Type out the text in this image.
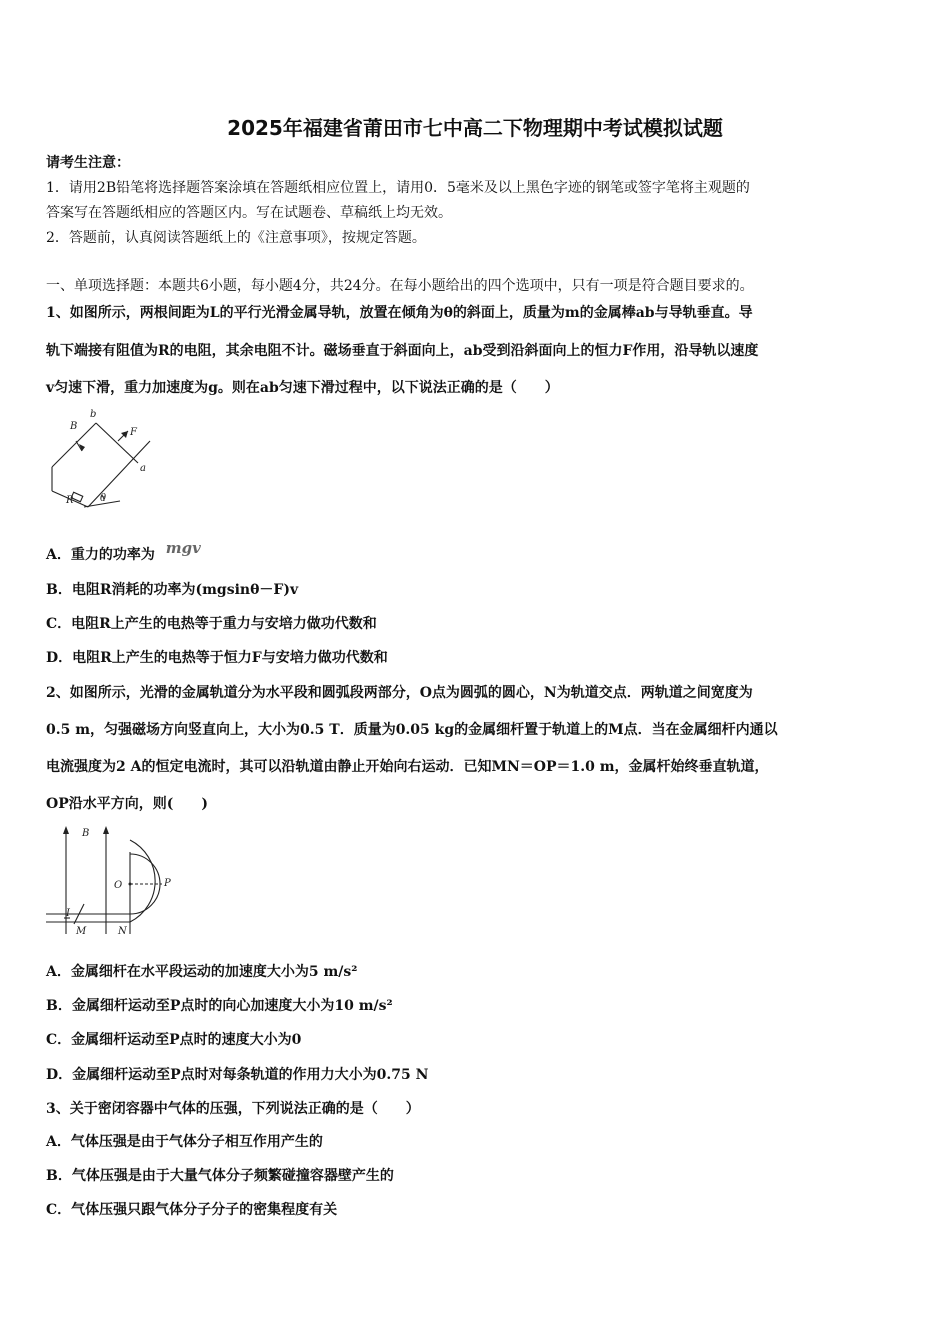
2025年福建省莆田市七中高二下物理期中考试模拟试题
请考生注意：
1．请用2B铅笔将选择题答案涂填在答题纸相应位置上，请用0．5毫米及以上黑色字迹的钢笔或签字笔将主观题的
答案写在答题纸相应的答题区内。写在试题卷、草稿纸上均无效。
2．答题前，认真阅读答题纸上的《注意事项》，按规定答题。
一、单项选择题：本题共6小题，每小题4分，共24分。在每小题给出的四个选项中，只有一项是符合题目要求的。
1、如图所示，两根间距为L的平行光滑金属导轨，放置在倾角为θ的斜面上，质量为m的金属棒ab与导轨垂直。导
轨下端接有阻值为R的电阻，其余电阻不计。磁场垂直于斜面向上，ab受到沿斜面向上的恒力F作用，沿导轨以速度
v匀速下滑，重力加速度为g。则在ab匀速下滑过程中，以下说法正确的是（　　）
B
b
F
a
R	θ
A．重力的功率为 mgv
B．电阻R消耗的功率为(mgsinθ－F)v
C．电阻R上产生的电热等于重力与安培力做功代数和
D．电阻R上产生的电热等于恒力F与安培力做功代数和
2、如图所示，光滑的金属轨道分为水平段和圆弧段两部分，O点为圆弧的圆心，N为轨道交点．两轨道之间宽度为
0.5 m，匀强磁场方向竖直向上，大小为0.5 T．质量为0.05 kg的金属细杆置于轨道上的M点．当在金属细杆内通以
电流强度为2 A的恒定电流时，其可以沿轨道由静止开始向右运动．已知MN＝OP＝1.0 m，金属杆始终垂直轨道，
OP沿水平方向，则(　　)
B
O	P
I
M	N
A．金属细杆在水平段运动的加速度大小为5 m/s²
B．金属细杆运动至P点时的向心加速度大小为10 m/s²
C．金属细杆运动至P点时的速度大小为0
D．金属细杆运动至P点时对每条轨道的作用力大小为0.75 N
3、关于密闭容器中气体的压强，下列说法正确的是（　　）
A．气体压强是由于气体分子相互作用产生的
B．气体压强是由于大量气体分子频繁碰撞容器壁产生的
C．气体压强只跟气体分子分子的密集程度有关
